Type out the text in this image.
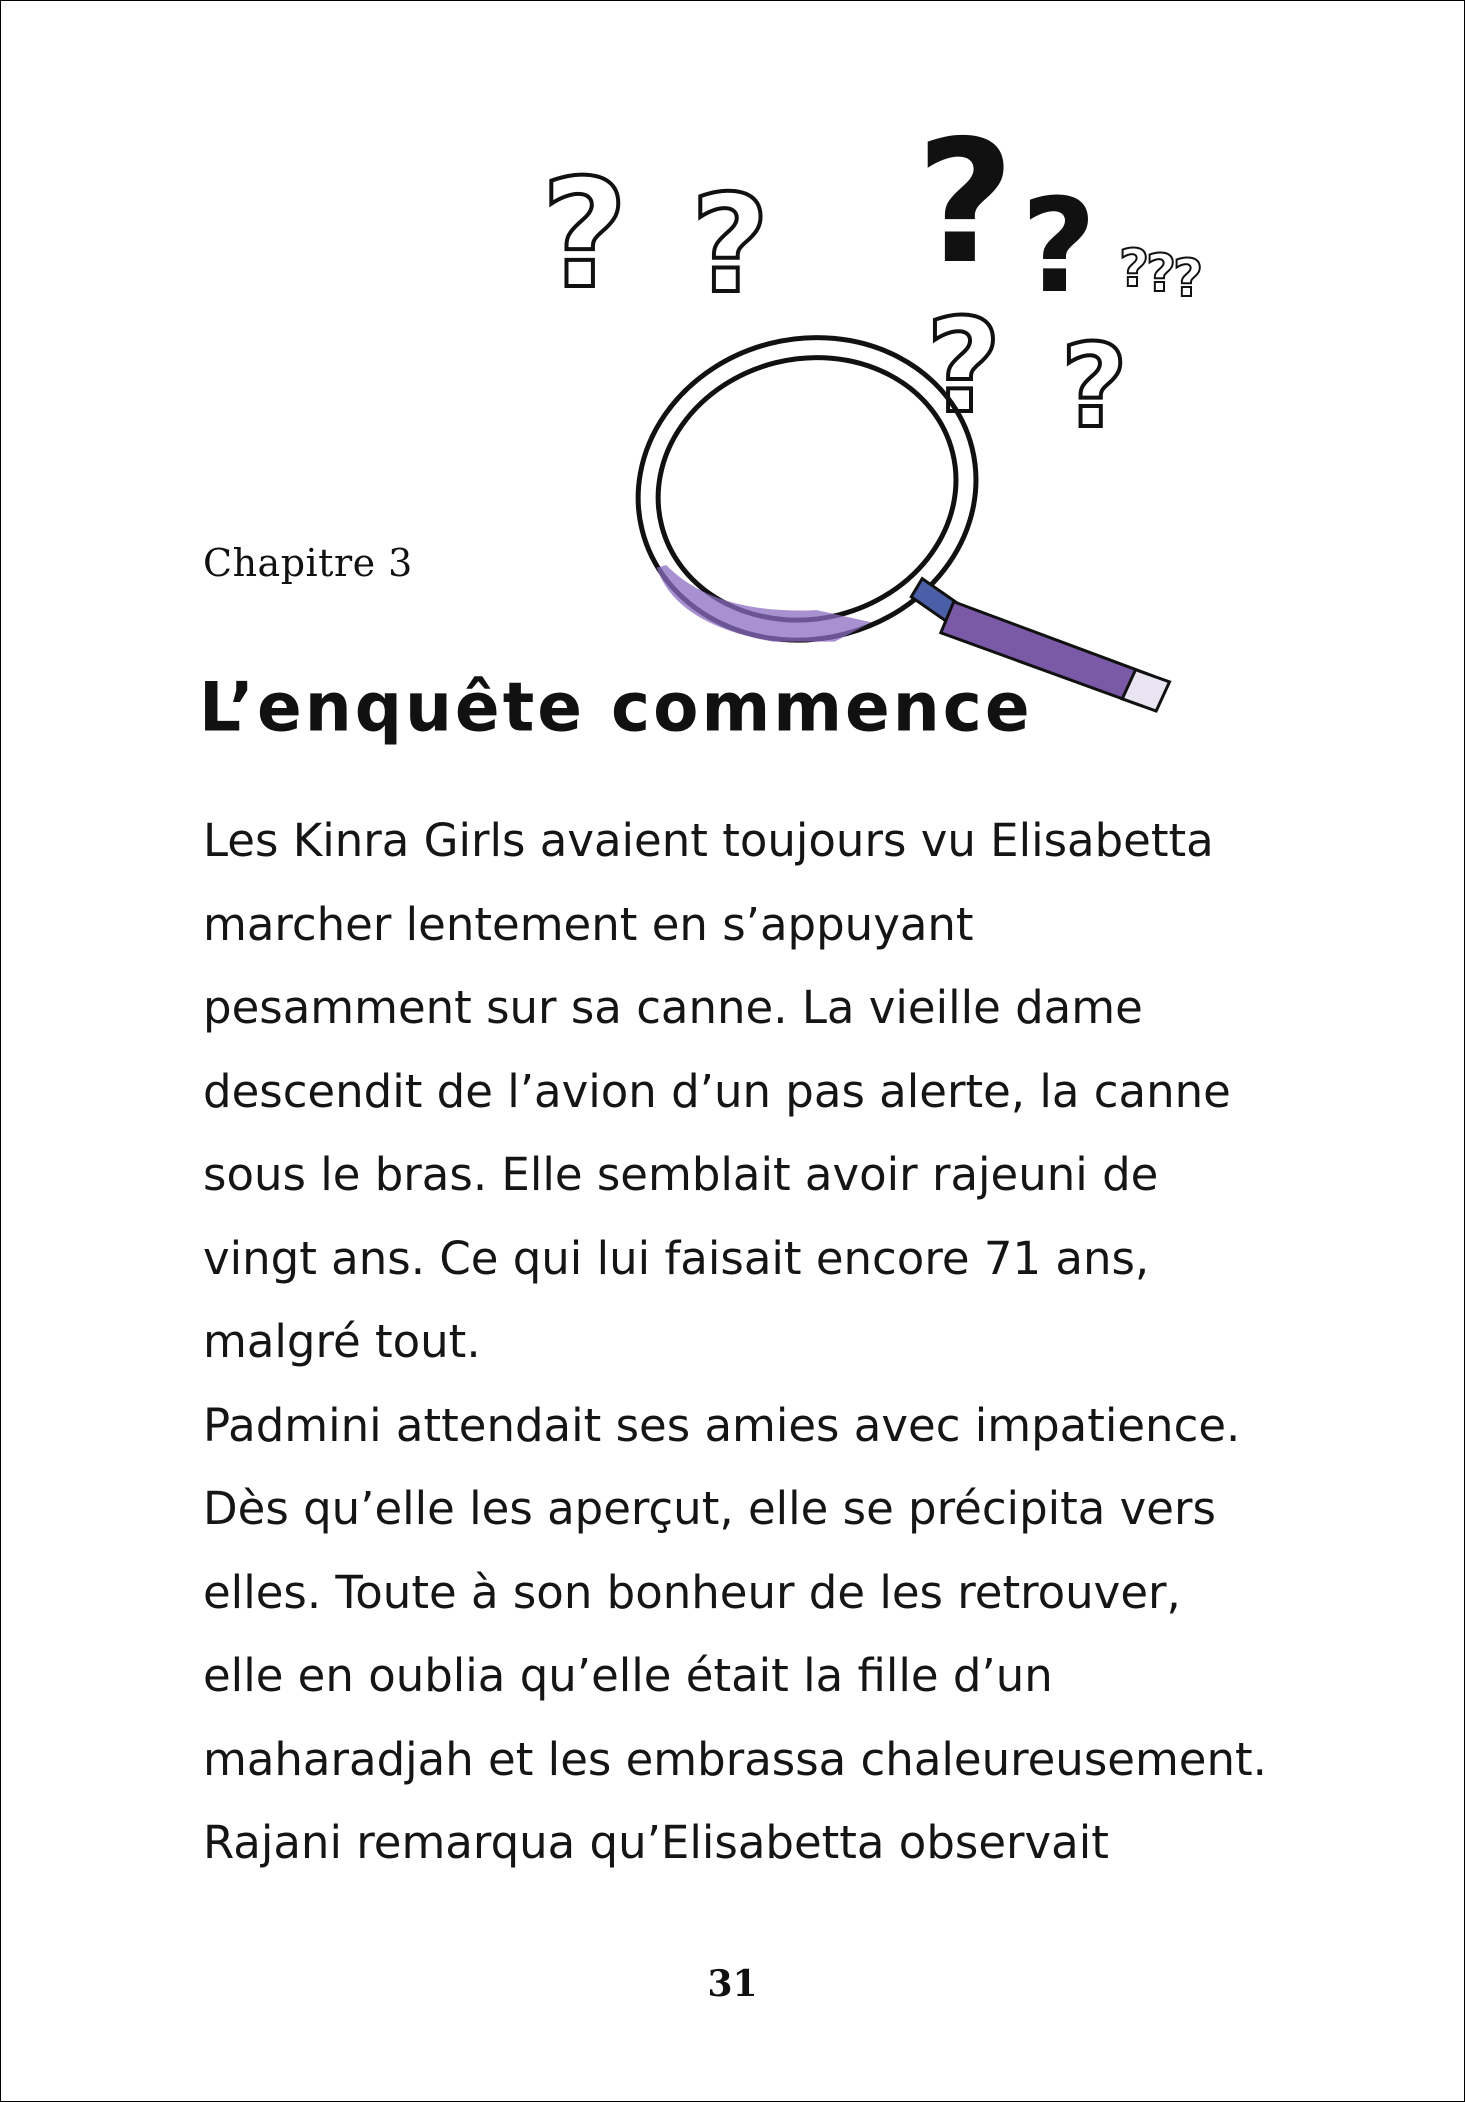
? ?
? ?
? ? ?
?
?
Chapitre 3
L’enquête commence
Les Kinra Girls avaient toujours vu Elisabetta
marcher lentement en s’appuyant
pesamment sur sa canne. La vieille dame
descendit de l’avion d’un pas alerte, la canne
sous le bras. Elle semblait avoir rajeuni de
vingt ans. Ce qui lui faisait encore 71 ans,
malgré tout.
Padmini attendait ses amies avec impatience.
Dès qu’elle les aperçut, elle se précipita vers
elles. Toute à son bonheur de les retrouver,
elle en oublia qu’elle était la fille d’un
maharadjah et les embrassa chaleureusement.
Rajani remarqua qu’Elisabetta observait
31
